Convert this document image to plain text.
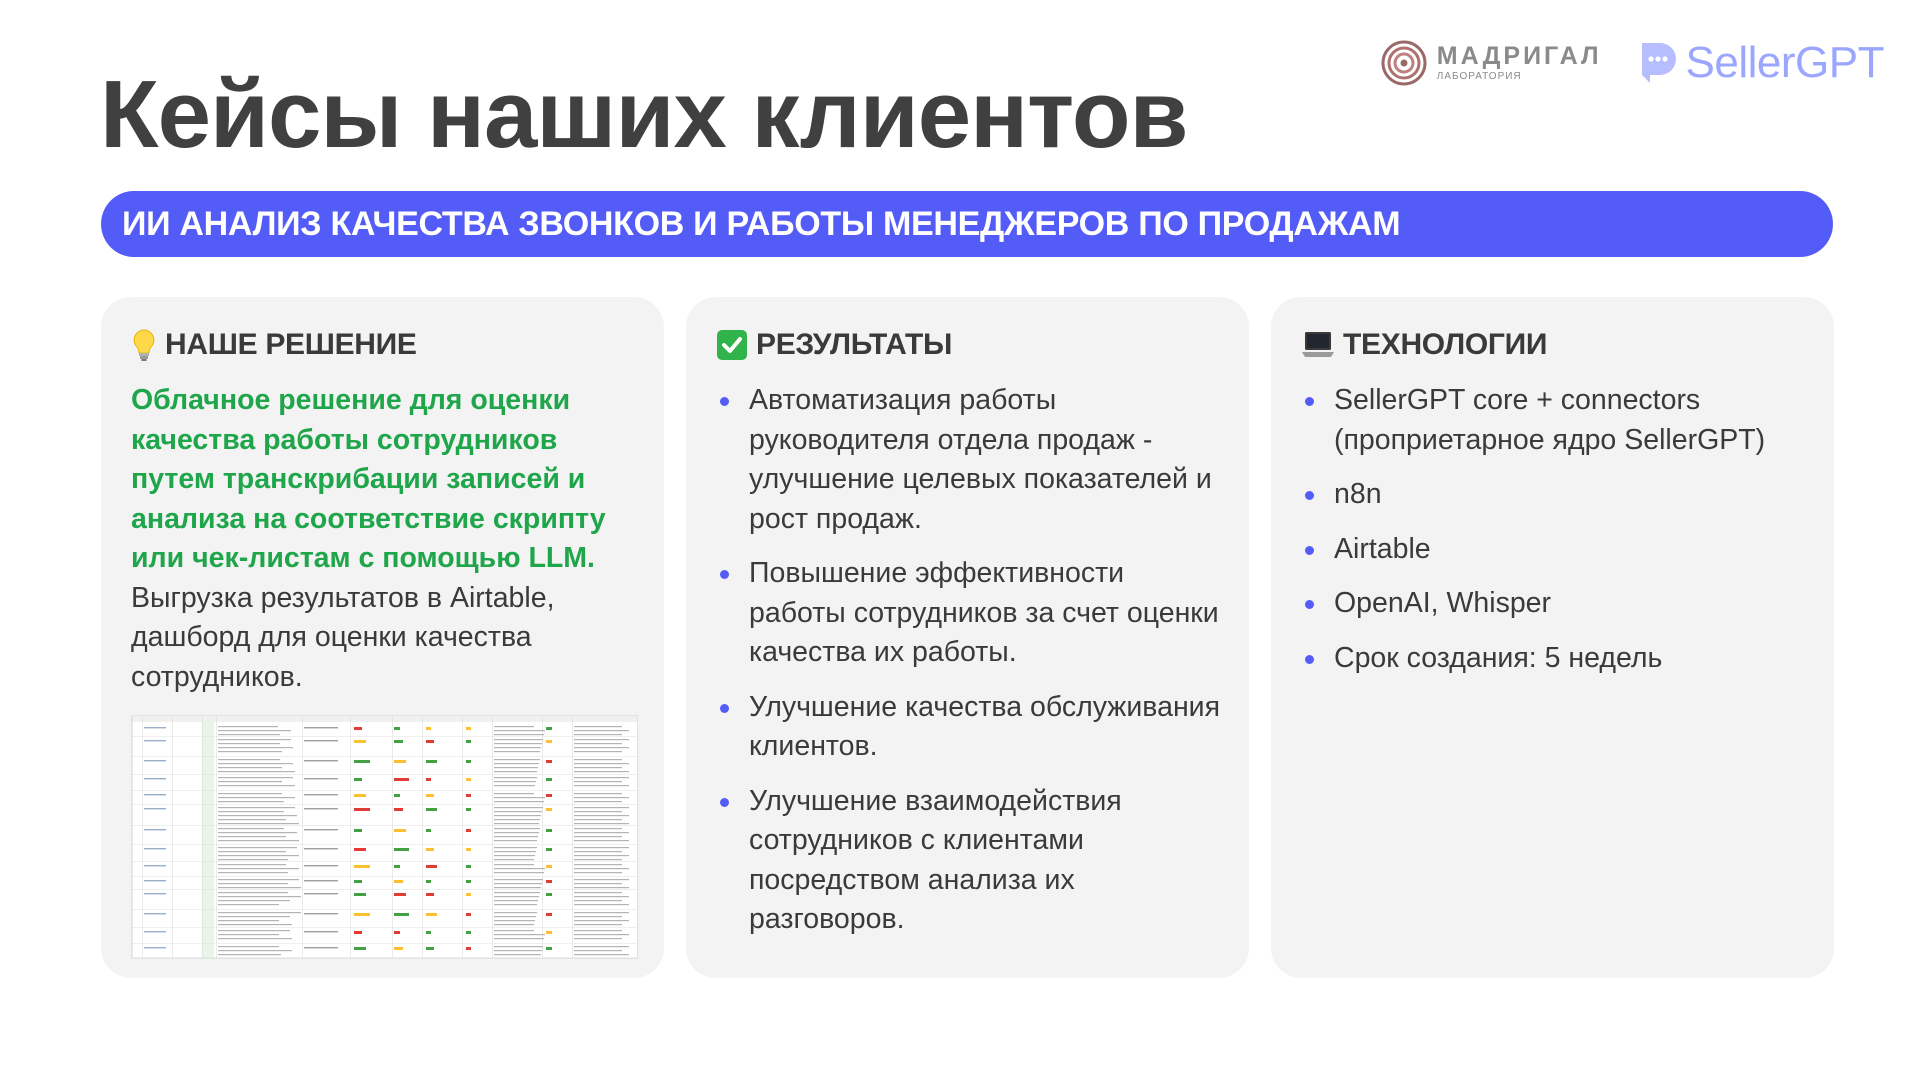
МАДРИГАЛ
ЛАБОРАТОРИЯ	SellerGPT
Кейсы наших клиентов
ИИ АНАЛИЗ КАЧЕСТВА ЗВОНКОВ И РАБОТЫ МЕНЕДЖЕРОВ ПО ПРОДАЖАМ
НАШЕ РЕШЕНИЕ
Облачное решение для оценки качества работы сотрудников путем транскрибации записей и анализа на соответствие скрипту или чек-листам с помощью LLM. Выгрузка результатов в Airtable, дашборд для оценки качества сотрудников.
РЕЗУЛЬТАТЫ
Автоматизация работы руководителя отдела продаж - улучшение целевых показателей и рост продаж.
Повышение эффективности работы сотрудников за счет оценки качества их работы.
Улучшение качества обслуживания клиентов.
Улучшение взаимодействия сотрудников с клиентами посредством анализа их разговоров.
ТЕХНОЛОГИИ
SellerGPT core + connectors (проприетарное ядро SellerGPT)
n8n
Airtable
OpenAI, Whisper
Срок создания: 5 недель
